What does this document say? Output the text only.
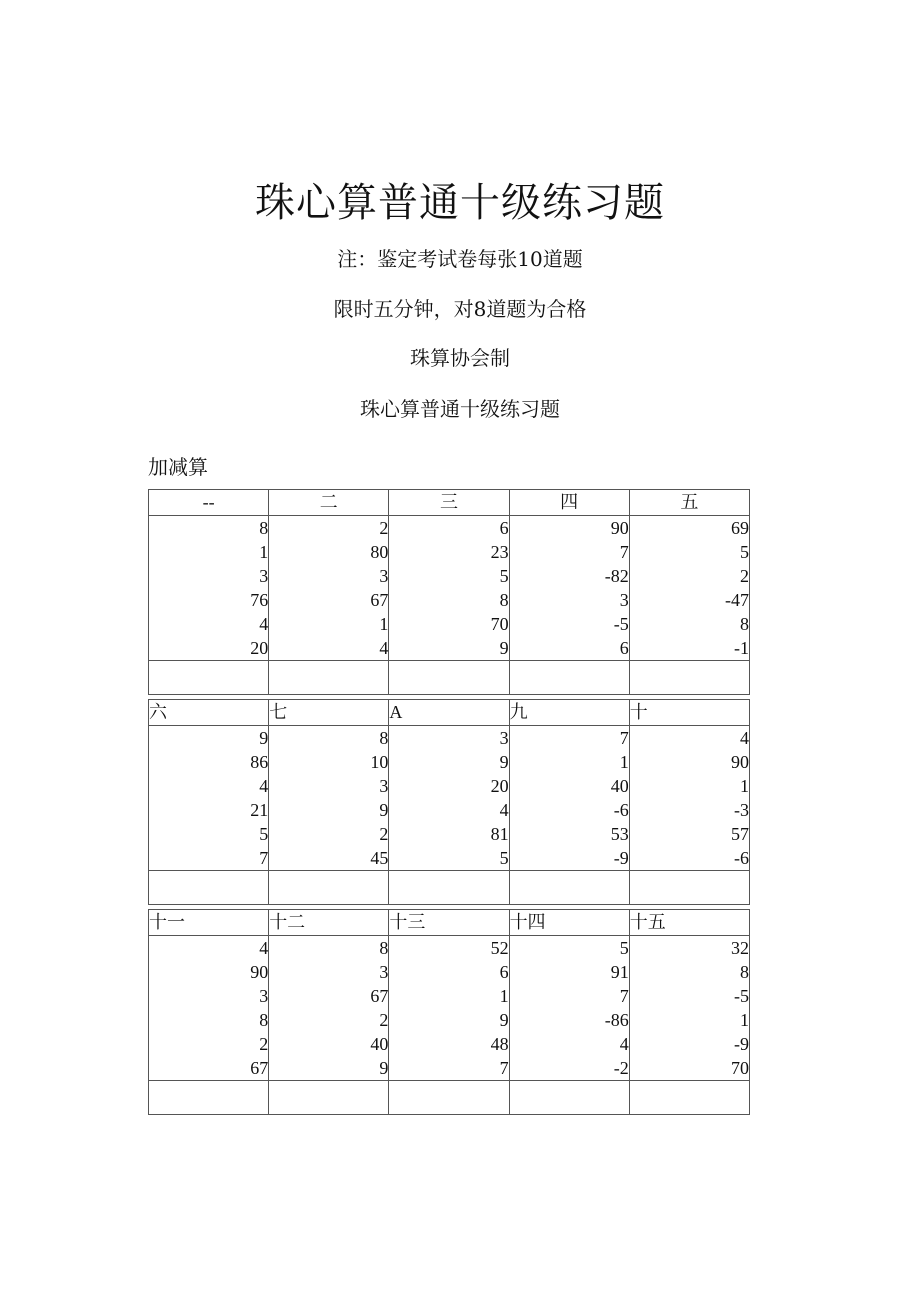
珠心算普通十级练习题
注：鉴定考试卷每张10道题
限时五分钟，对8道题为合格
珠算协会制
珠心算普通十级练习题
加减算
--	二	三	四	五
8	2	6	90	69
1	80	23	7	5
3	3	5	-82	2
76	67	8	3	-47
4	1	70	-5	8
20	4	9	6	-1

六	七	A	九	十
9	8	3	7	4
86	10	9	1	90
4	3	20	40	1
21	9	4	-6	-3
5	2	81	53	57
7	45	5	-9	-6

十一	十二	十三	十四	十五
4	8	52	5	32
90	3	6	91	8
3	67	1	7	-5
8	2	9	-86	1
2	40	48	4	-9
67	9	7	-2	70
